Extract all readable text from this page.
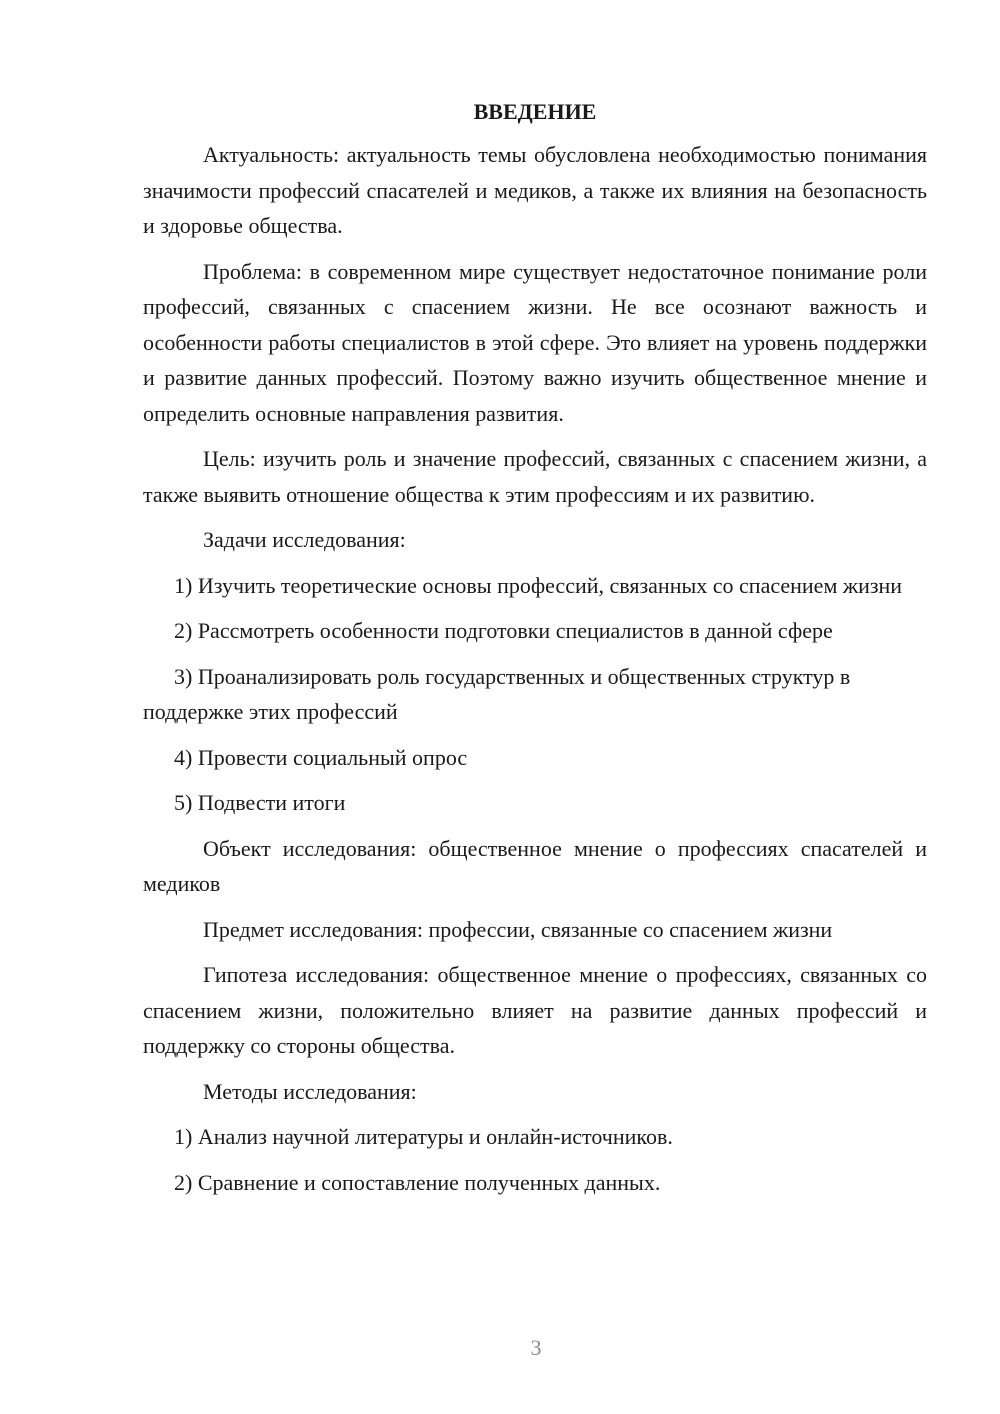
ВВЕДЕНИЕ

Актуальность: актуальность темы обусловлена необходимостью понимания значимости профессий спасателей и медиков, а также их влияния на безопасность и здоровье общества.

Проблема: в современном мире существует недостаточное понимание роли профессий, связанных с спасением жизни. Не все осознают важность и особенности работы специалистов в этой сфере. Это влияет на уровень поддержки и развитие данных профессий. Поэтому важно изучить общественное мнение и определить основные направления развития.

Цель: изучить роль и значение профессий, связанных с спасением жизни, а также выявить отношение общества к этим профессиям и их развитию.

Задачи исследования:

1) Изучить теоретические основы профессий, связанных со спасением жизни

2) Рассмотреть особенности подготовки специалистов в данной сфере

3) Проанализировать роль государственных и общественных структур в поддержке этих профессий

4) Провести социальный опрос

5) Подвести итоги

Объект исследования: общественное мнение о профессиях спасателей и медиков

Предмет исследования: профессии, связанные со спасением жизни

Гипотеза исследования: общественное мнение о профессиях, связанных со спасением жизни, положительно влияет на развитие данных профессий и поддержку со стороны общества.

Методы исследования:

1) Анализ научной литературы и онлайн-источников.

2) Сравнение и сопоставление полученных данных.

3
